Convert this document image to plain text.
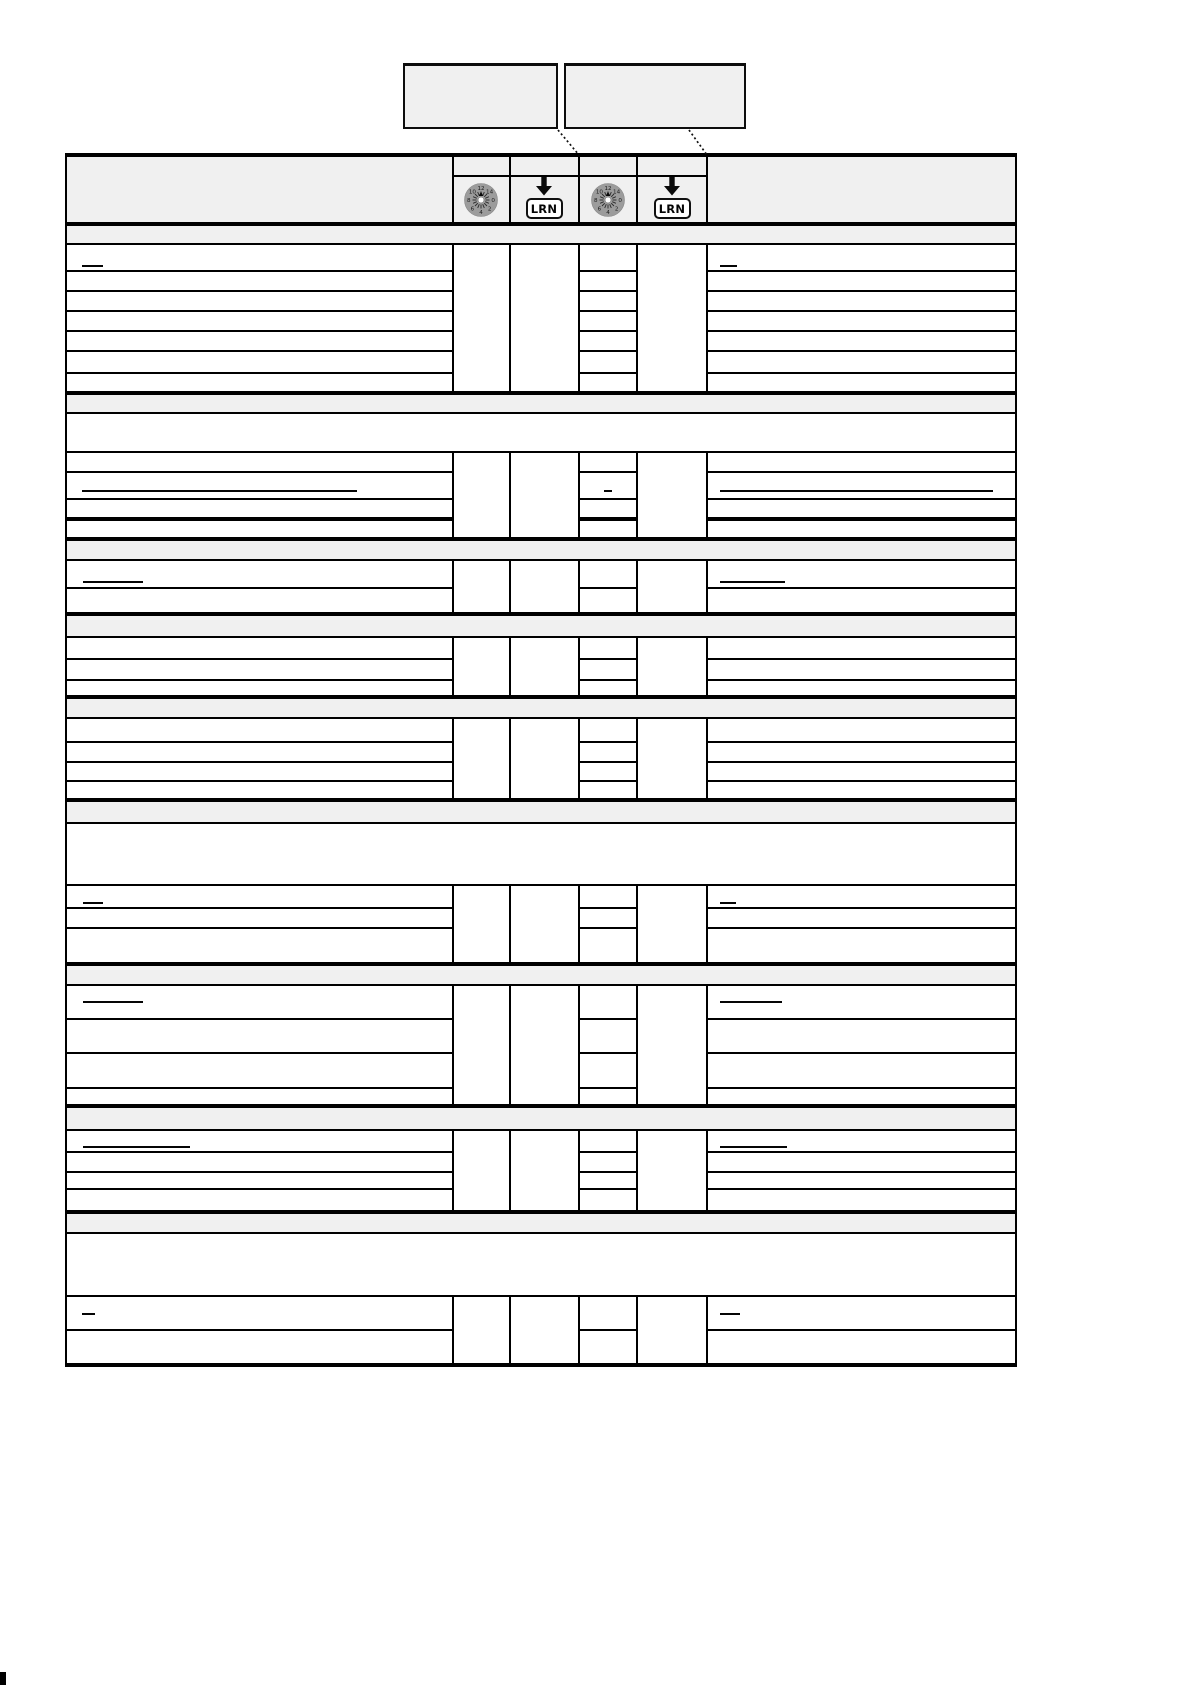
0
2
4
6
8
10
12
14
LRN
0
2
4
6
8
10
12
14
LRN
